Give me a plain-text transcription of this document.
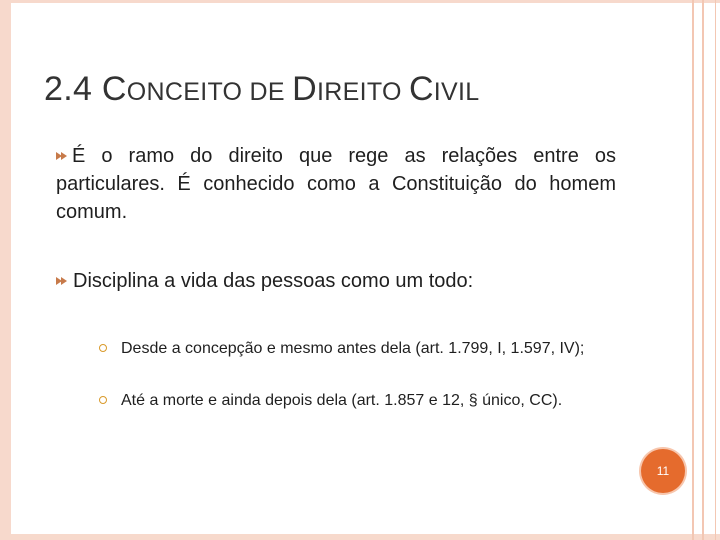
2.4 CONCEITO DE DIREITO CIVIL
É o ramo do direito que rege as relações entre os particulares. É conhecido como a Constituição do homem comum.
Disciplina a vida das pessoas como um todo:
Desde a concepção e mesmo antes dela (art. 1.799, I, 1.597, IV);
Até a morte e ainda depois dela (art. 1.857 e 12, § único, CC).
11
